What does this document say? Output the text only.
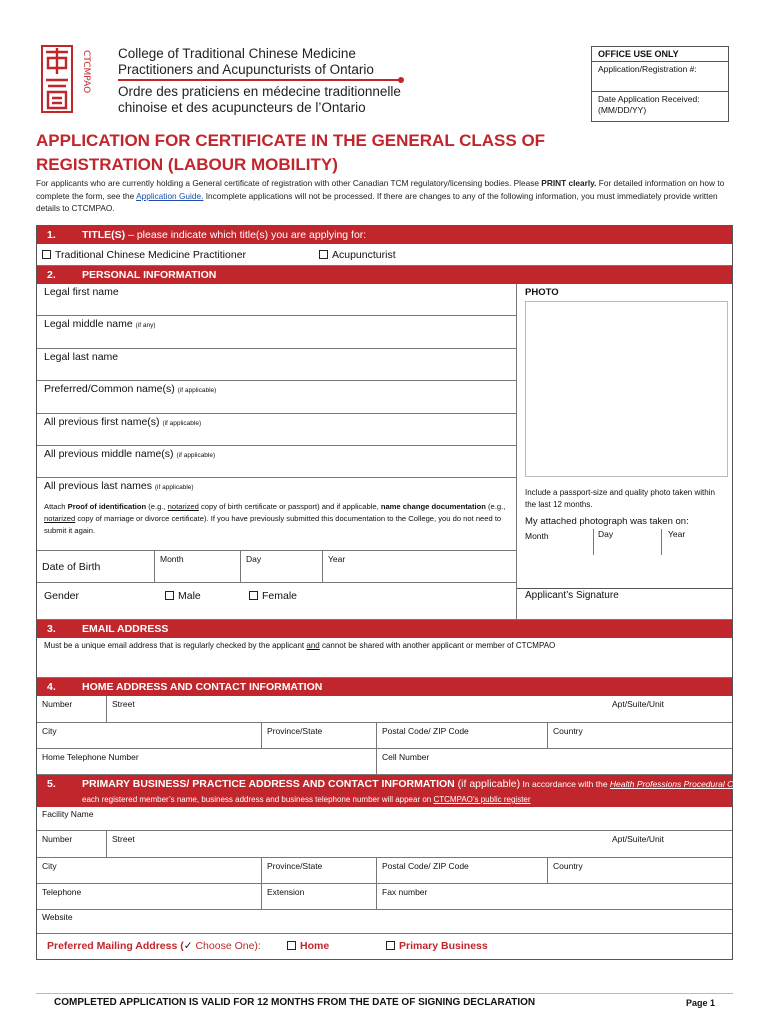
CTCMPAO College of Traditional Chinese Medicine
Practitioners and Acupuncturists of Ontario
Ordre des praticiens en médecine traditionnelle
chinoise et des acupuncteurs de l’Ontario
OFFICE USE ONLY
Application/Registration #:
Date Application Received: (MM/DD/YY)
APPLICATION FOR CERTIFICATE IN THE GENERAL CLASS OF REGISTRATION (LABOUR MOBILITY)
For applicants who are currently holding a General certificate of registration with other Canadian TCM regulatory/licensing bodies. Please PRINT clearly. For detailed information on how to complete the form, see the Application Guide. Incomplete applications will not be processed. If there are changes to any of the following information, you must immediately provide written details to CTCMPAO.
1. TITLE(S) – please indicate which title(s) you are applying for:
Traditional Chinese Medicine Practitioner	Acupuncturist
2. PERSONAL INFORMATION
Legal first name
Legal middle name (if any)
Legal last name
Preferred/Common name(s) (if applicable)
All previous first name(s) (if applicable)
All previous middle name(s) (if applicable)
All previous last names (if applicable)
Attach Proof of identification (e.g., notarized copy of birth certificate or passport) and if applicable, name change documentation (e.g., notarized copy of marriage or divorce certificate). If you have previously submitted this documentation to the College, you do not need to submit it again.
Date of Birth
Month	Day	Year
Gender	Male	Female
PHOTO
Include a passport-size and quality photo taken within the last 12 months.
My attached photograph was taken on:
Month	Day	Year
Applicant’s Signature
3. EMAIL ADDRESS
Must be a unique email address that is regularly checked by the applicant and cannot be shared with another applicant or member of CTCMPAO
4. HOME ADDRESS AND CONTACT INFORMATION
Number	Street	Apt/Suite/Unit
City	Province/State	Postal Code/ ZIP Code	Country
Home Telephone Number	Cell Number
5. PRIMARY BUSINESS/ PRACTICE ADDRESS AND CONTACT INFORMATION (if applicable) In accordance with the Health Professions Procedural Code,
each registered member’s name, business address and business telephone number will appear on CTCMPAO’s public register
Facility Name
Number	Street	Apt/Suite/Unit
City	Province/State	Postal Code/ ZIP Code	Country
Telephone	Extension	Fax number
Website
Preferred Mailing Address (✓ Choose One):	Home	Primary Business
COMPLETED APPLICATION IS VALID FOR 12 MONTHS FROM THE DATE OF SIGNING DECLARATION	Page 1
